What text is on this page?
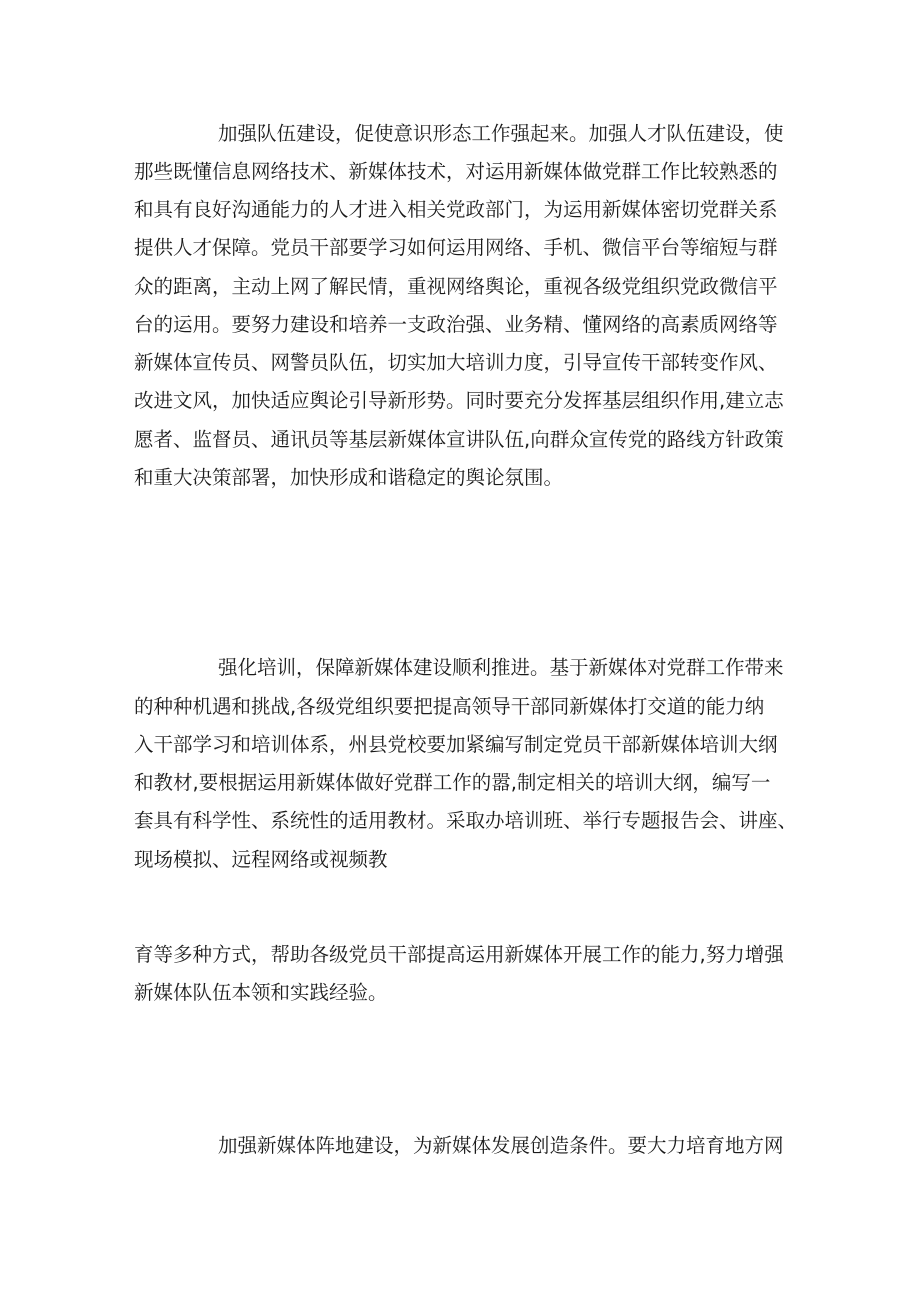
加强队伍建设，促使意识形态工作强起来。加强人才队伍建设，使
那些既懂信息网络技术、新媒体技术，对运用新媒体做党群工作比较熟悉的
和具有良好沟通能力的人才进入相关党政部门，为运用新媒体密切党群关系
提供人才保障。党员干部要学习如何运用网络、手机、微信平台等缩短与群
众的距离，主动上网了解民情，重视网络舆论，重视各级党组织党政微信平
台的运用。要努力建设和培养一支政治强、业务精、懂网络的高素质网络等
新媒体宣传员、网警员队伍，切实加大培训力度，引导宣传干部转变作风、
改进文风，加快适应舆论引导新形势。同时要充分发挥基层组织作用,建立志
愿者、监督员、通讯员等基层新媒体宣讲队伍,向群众宣传党的路线方针政策
和重大决策部署，加快形成和谐稳定的舆论氛围。
强化培训，保障新媒体建设顺利推进。基于新媒体对党群工作带来
的种种机遇和挑战,各级党组织要把提高领导干部同新媒体打交道的能力纳
入干部学习和培训体系，州县党校要加紧编写制定党员干部新媒体培训大纲
和教材,要根据运用新媒体做好党群工作的嚣,制定相关的培训大纲，编写一
套具有科学性、系统性的适用教材。采取办培训班、举行专题报告会、讲座、
现场模拟、远程网络或视频教
育等多种方式，帮助各级党员干部提高运用新媒体开展工作的能力,努力增强
新媒体队伍本领和实践经验。
加强新媒体阵地建设，为新媒体发展创造条件。要大力培育地方网
